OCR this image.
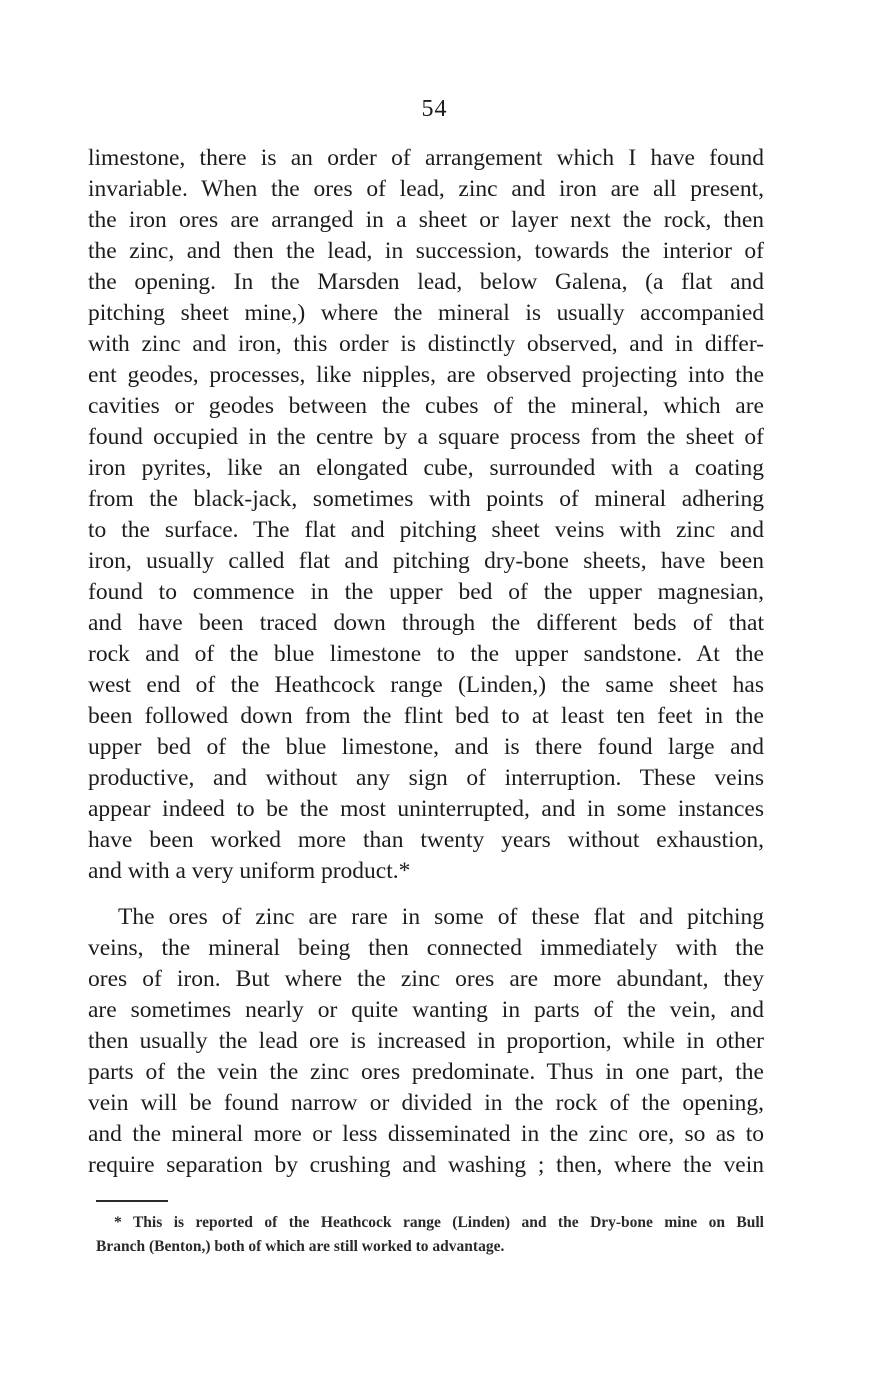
54
limestone, there is an order of arrangement which I have found
invariable. When the ores of lead, zinc and iron are all present,
the iron ores are arranged in a sheet or layer next the rock, then
the zinc, and then the lead, in succession, towards the interior of
the opening. In the Marsden lead, below Galena, (a flat and
pitching sheet mine,) where the mineral is usually accompanied
with zinc and iron, this order is distinctly observed, and in differ-
ent geodes, processes, like nipples, are observed projecting into the
cavities or geodes between the cubes of the mineral, which are
found occupied in the centre by a square process from the sheet of
iron pyrites, like an elongated cube, surrounded with a coating
from the black-jack, sometimes with points of mineral adhering
to the surface. The flat and pitching sheet veins with zinc and
iron, usually called flat and pitching dry-bone sheets, have been
found to commence in the upper bed of the upper magnesian,
and have been traced down through the different beds of that
rock and of the blue limestone to the upper sandstone. At the
west end of the Heathcock range (Linden,) the same sheet has
been followed down from the flint bed to at least ten feet in the
upper bed of the blue limestone, and is there found large and
productive, and without any sign of interruption. These veins
appear indeed to be the most uninterrupted, and in some instances
have been worked more than twenty years without exhaustion,
and with a very uniform product.*
The ores of zinc are rare in some of these flat and pitching
veins, the mineral being then connected immediately with the
ores of iron. But where the zinc ores are more abundant, they
are sometimes nearly or quite wanting in parts of the vein, and
then usually the lead ore is increased in proportion, while in other
parts of the vein the zinc ores predominate. Thus in one part, the
vein will be found narrow or divided in the rock of the opening,
and the mineral more or less disseminated in the zinc ore, so as to
require separation by crushing and washing ; then, where the vein
* This is reported of the Heathcock range (Linden) and the Dry-bone mine on Bull
Branch (Benton,) both of which are still worked to advantage.
